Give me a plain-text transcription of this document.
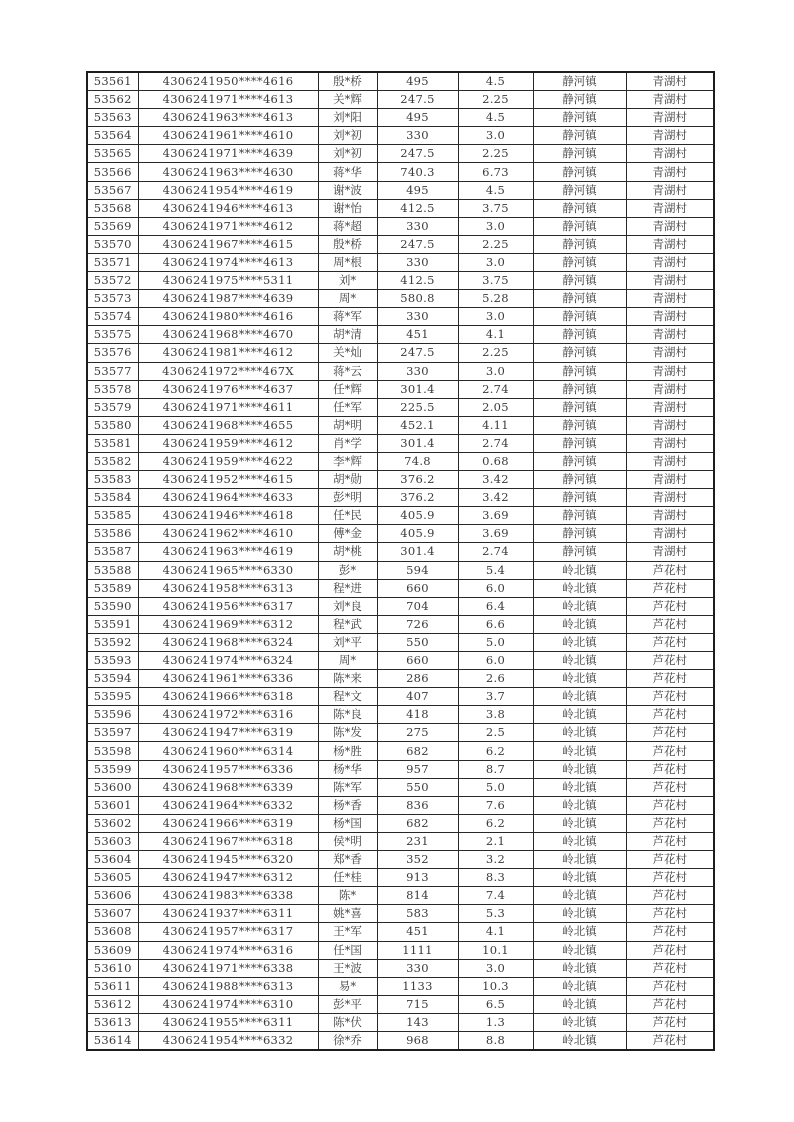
53561	4306241950****4616	殷*桥	495	4.5	静河镇	青湖村
53562	4306241971****4613	关*辉	247.5	2.25	静河镇	青湖村
53563	4306241963****4613	刘*阳	495	4.5	静河镇	青湖村
53564	4306241961****4610	刘*初	330	3.0	静河镇	青湖村
53565	4306241971****4639	刘*初	247.5	2.25	静河镇	青湖村
53566	4306241963****4630	蒋*华	740.3	6.73	静河镇	青湖村
53567	4306241954****4619	谢*波	495	4.5	静河镇	青湖村
53568	4306241946****4613	谢*怡	412.5	3.75	静河镇	青湖村
53569	4306241971****4612	蒋*超	330	3.0	静河镇	青湖村
53570	4306241967****4615	殷*桥	247.5	2.25	静河镇	青湖村
53571	4306241974****4613	周*根	330	3.0	静河镇	青湖村
53572	4306241975****5311	刘*	412.5	3.75	静河镇	青湖村
53573	4306241987****4639	周*	580.8	5.28	静河镇	青湖村
53574	4306241980****4616	蒋*军	330	3.0	静河镇	青湖村
53575	4306241968****4670	胡*清	451	4.1	静河镇	青湖村
53576	4306241981****4612	关*灿	247.5	2.25	静河镇	青湖村
53577	4306241972****467X	蒋*云	330	3.0	静河镇	青湖村
53578	4306241976****4637	任*辉	301.4	2.74	静河镇	青湖村
53579	4306241971****4611	任*军	225.5	2.05	静河镇	青湖村
53580	4306241968****4655	胡*明	452.1	4.11	静河镇	青湖村
53581	4306241959****4612	肖*学	301.4	2.74	静河镇	青湖村
53582	4306241959****4622	李*辉	74.8	0.68	静河镇	青湖村
53583	4306241952****4615	胡*勋	376.2	3.42	静河镇	青湖村
53584	4306241964****4633	彭*明	376.2	3.42	静河镇	青湖村
53585	4306241946****4618	任*民	405.9	3.69	静河镇	青湖村
53586	4306241962****4610	傅*金	405.9	3.69	静河镇	青湖村
53587	4306241963****4619	胡*桃	301.4	2.74	静河镇	青湖村
53588	4306241965****6330	彭*	594	5.4	岭北镇	芦花村
53589	4306241958****6313	程*进	660	6.0	岭北镇	芦花村
53590	4306241956****6317	刘*良	704	6.4	岭北镇	芦花村
53591	4306241969****6312	程*武	726	6.6	岭北镇	芦花村
53592	4306241968****6324	刘*平	550	5.0	岭北镇	芦花村
53593	4306241974****6324	周*	660	6.0	岭北镇	芦花村
53594	4306241961****6336	陈*来	286	2.6	岭北镇	芦花村
53595	4306241966****6318	程*文	407	3.7	岭北镇	芦花村
53596	4306241972****6316	陈*良	418	3.8	岭北镇	芦花村
53597	4306241947****6319	陈*发	275	2.5	岭北镇	芦花村
53598	4306241960****6314	杨*胜	682	6.2	岭北镇	芦花村
53599	4306241957****6336	杨*华	957	8.7	岭北镇	芦花村
53600	4306241968****6339	陈*军	550	5.0	岭北镇	芦花村
53601	4306241964****6332	杨*香	836	7.6	岭北镇	芦花村
53602	4306241966****6319	杨*国	682	6.2	岭北镇	芦花村
53603	4306241967****6318	侯*明	231	2.1	岭北镇	芦花村
53604	4306241945****6320	郑*香	352	3.2	岭北镇	芦花村
53605	4306241947****6312	任*桂	913	8.3	岭北镇	芦花村
53606	4306241983****6338	陈*	814	7.4	岭北镇	芦花村
53607	4306241937****6311	姚*喜	583	5.3	岭北镇	芦花村
53608	4306241957****6317	王*军	451	4.1	岭北镇	芦花村
53609	4306241974****6316	任*国	1111	10.1	岭北镇	芦花村
53610	4306241971****6338	王*波	330	3.0	岭北镇	芦花村
53611	4306241988****6313	易*	1133	10.3	岭北镇	芦花村
53612	4306241974****6310	彭*平	715	6.5	岭北镇	芦花村
53613	4306241955****6311	陈*伏	143	1.3	岭北镇	芦花村
53614	4306241954****6332	徐*乔	968	8.8	岭北镇	芦花村
